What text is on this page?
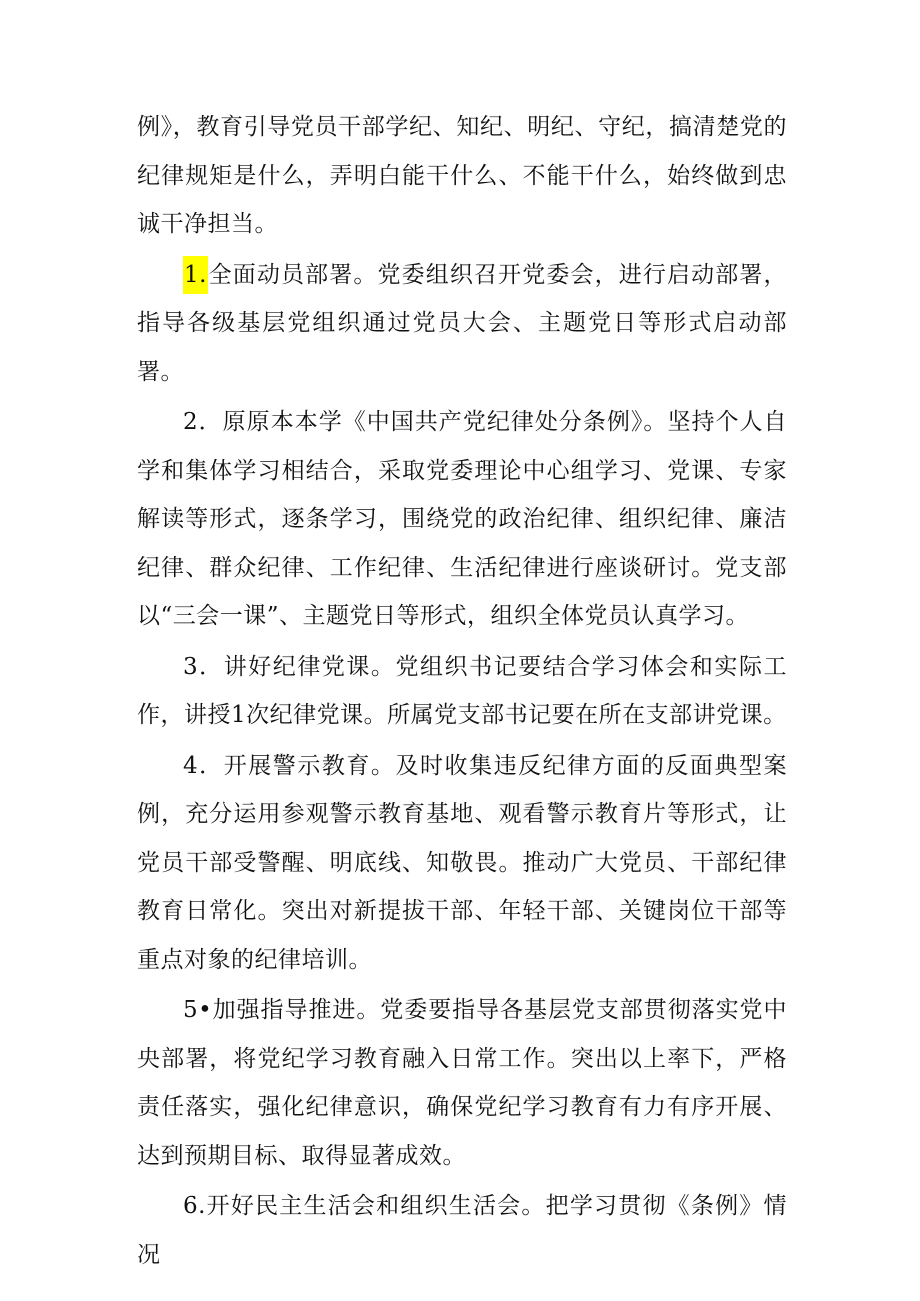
例》，教育引导党员干部学纪、知纪、明纪、守纪，搞清楚党的纪律规矩是什么，弄明白能干什么、不能干什么，始终做到忠诚干净担当。

1.全面动员部署。党委组织召开党委会，进行启动部署，指导各级基层党组织通过党员大会、主题党日等形式启动部署。

2．原原本本学《中国共产党纪律处分条例》。坚持个人自学和集体学习相结合，采取党委理论中心组学习、党课、专家解读等形式，逐条学习，围绕党的政治纪律、组织纪律、廉洁纪律、群众纪律、工作纪律、生活纪律进行座谈研讨。党支部以“三会一课”、主题党日等形式，组织全体党员认真学习。

3．讲好纪律党课。党组织书记要结合学习体会和实际工作，讲授1次纪律党课。所属党支部书记要在所在支部讲党课。

4．开展警示教育。及时收集违反纪律方面的反面典型案例，充分运用参观警示教育基地、观看警示教育片等形式，让党员干部受警醒、明底线、知敬畏。推动广大党员、干部纪律教育日常化。突出对新提拔干部、年轻干部、关键岗位干部等重点对象的纪律培训。

5•加强指导推进。党委要指导各基层党支部贯彻落实党中央部署，将党纪学习教育融入日常工作。突出以上率下，严格责任落实，强化纪律意识，确保党纪学习教育有力有序开展、达到预期目标、取得显著成效。

6.开好民主生活会和组织生活会。把学习贯彻《条例》情况
